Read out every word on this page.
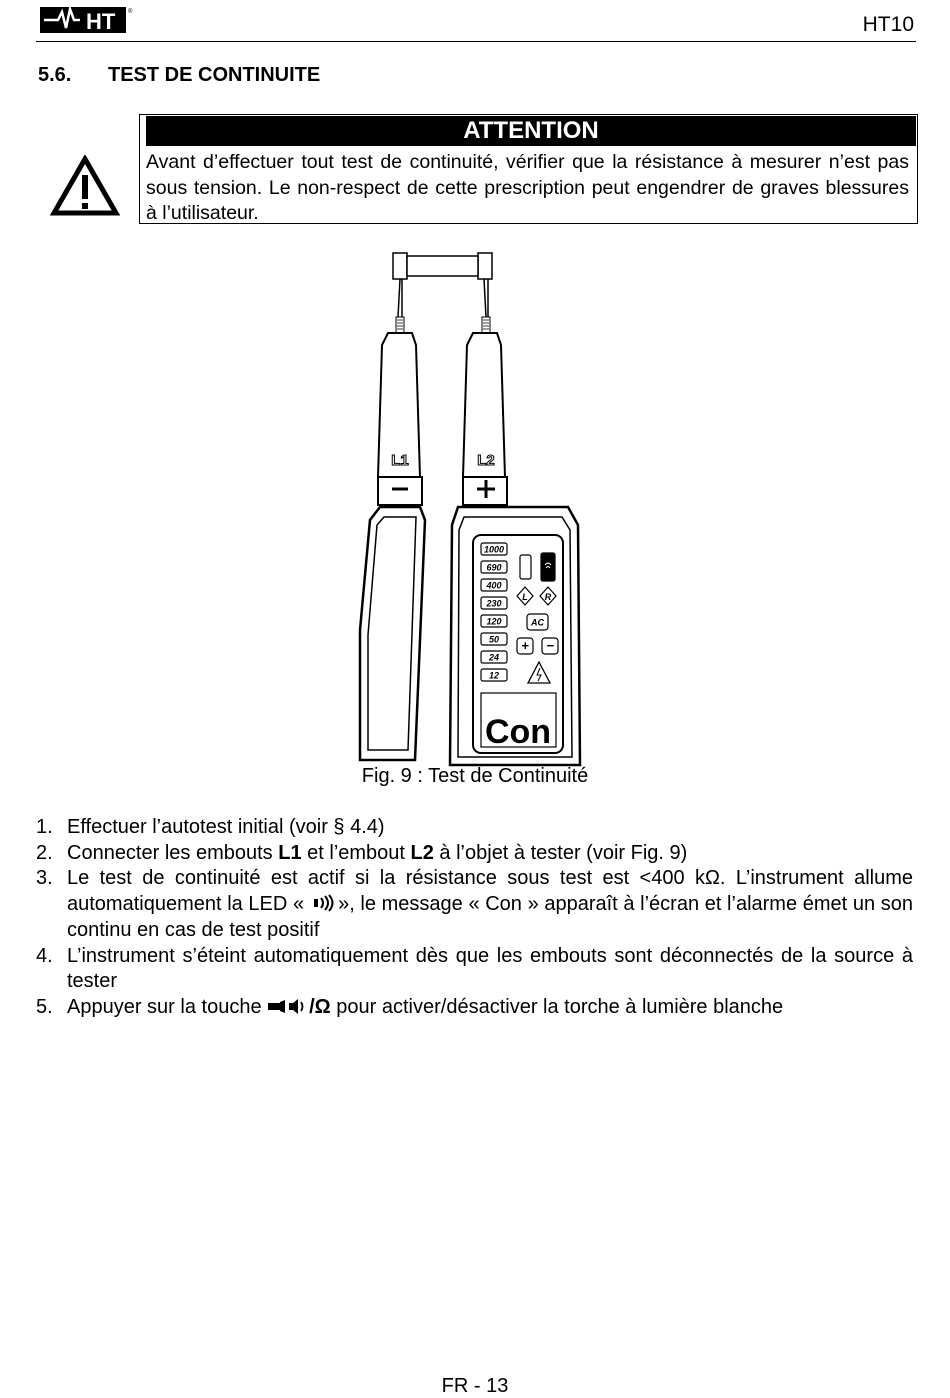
HT ®
HT10
5.6. TEST DE CONTINUITE
ATTENTION
Avant d’effectuer tout test de continuité, vérifier que la résistance à mesurer n’est pas sous tension. Le non-respect de cette prescription peut engendrer de graves blessures à l’utilisateur.
L1	L2
1000
690
400
230
120
50
24
12
L R
AC
+ −
Con
Fig. 9 : Test de Continuité
1. Effectuer l’autotest initial (voir § 4.4)
2. Connecter les embouts L1 et l’embout L2 à l’objet à tester (voir Fig. 9)
3. Le test de continuité est actif si la résistance sous test est <400 kΩ. L’instrument allume automatiquement la LED « », le message « Con » apparaît à l’écran et l’alarme émet un son continu en cas de test positif
4. L’instrument s’éteint automatiquement dès que les embouts sont déconnectés de la source à tester
5. Appuyer sur la touche /Ω pour activer/désactiver la torche à lumière blanche
FR - 13
